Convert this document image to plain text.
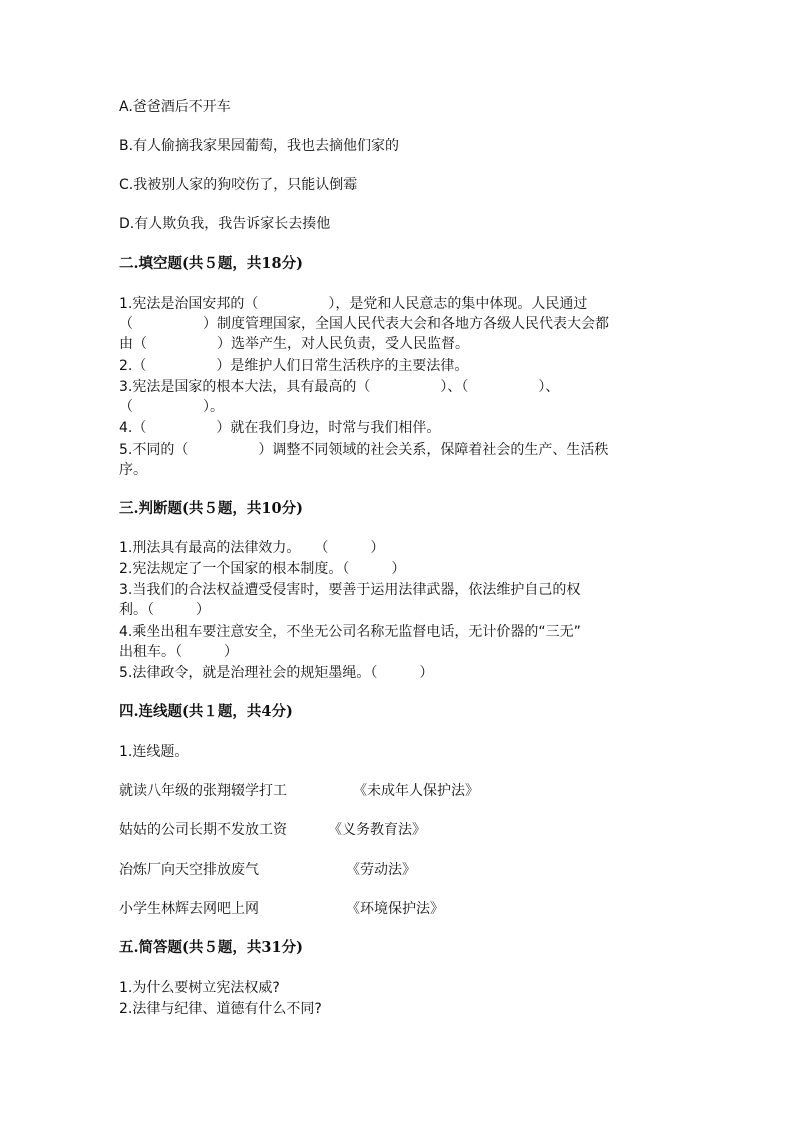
A.爸爸酒后不开车
B.有人偷摘我家果园葡萄，我也去摘他们家的
C.我被别人家的狗咬伤了，只能认倒霉
D.有人欺负我，我告诉家长去揍他
二.填空题(共５题，共18分)
1.宪法是治国安邦的（　　　　　），是党和人民意志的集中体现。人民通过
（　　　　　）制度管理国家，全国人民代表大会和各地方各级人民代表大会都
由（　　　　　）选举产生，对人民负责，受人民监督。
2.（　　　　　）是维护人们日常生活秩序的主要法律。
3.宪法是国家的根本大法，具有最高的（　　　　　）、（　　　　　）、
（　　　　　）。
4.（　　　　　）就在我们身边，时常与我们相伴。
5.不同的（　　　　　）调整不同领域的社会关系，保障着社会的生产、生活秩
序。
三.判断题(共５题，共10分)
1.刑法具有最高的法律效力。　　（　　　）
2.宪法规定了一个国家的根本制度。（　　　）
3.当我们的合法权益遭受侵害时，要善于运用法律武器，依法维护自己的权
利。（　　　）
4.乘坐出租车要注意安全，不坐无公司名称无监督电话，无计价器的“三无”
出租车。（　　　）
5.法律政令，就是治理社会的规矩墨绳。（　　　）
四.连线题(共１题，共4分)
1.连线题。
就读八年级的张翔辍学打工	《未成年人保护法》
姑姑的公司长期不发放工资	《义务教育法》
冶炼厂向天空排放废气	《劳动法》
小学生林辉去网吧上网	《环境保护法》
五.简答题(共５题，共31分)
1.为什么要树立宪法权威?
2.法律与纪律、道德有什么不同?
